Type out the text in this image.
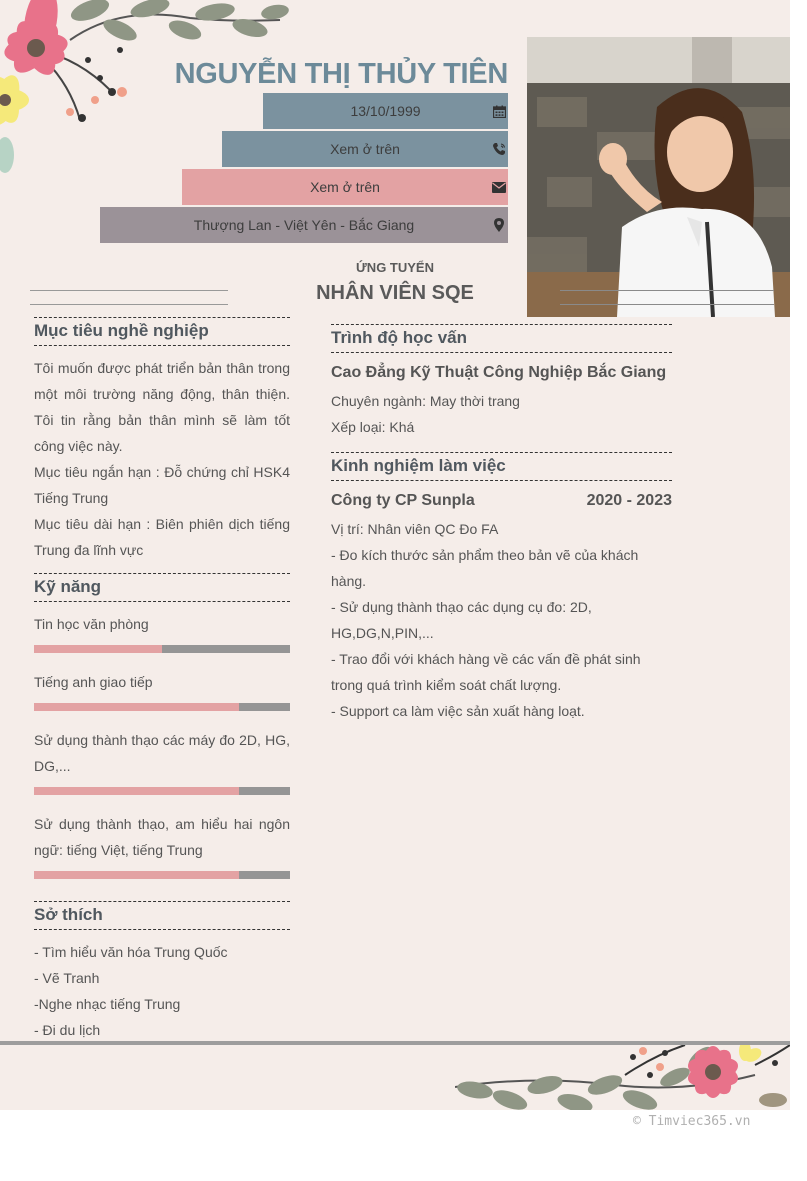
NGUYỄN THỊ THỦY TIÊN
13/10/1999
Xem ở trên
Xem ở trên
Thượng Lan - Việt Yên - Bắc Giang
ỨNG TUYỂN
NHÂN VIÊN SQE
Mục tiêu nghề nghiệp

Tôi muốn được phát triển bản thân trong một môi trường năng động, thân thiện. Tôi tin rằng bản thân mình sẽ làm tốt công việc này.

Mục tiêu ngắn hạn : Đỗ chứng chỉ HSK4 Tiếng Trung

Mục tiêu dài hạn : Biên phiên dịch tiếng Trung đa lĩnh vực

Kỹ năng

Tin học văn phòng

Tiếng anh giao tiếp

Sử dụng thành thạo các máy đo 2D, HG, DG,...

Sử dụng thành thạo, am hiểu hai ngôn ngữ: tiếng Việt, tiếng Trung

Sở thích

- Tìm hiểu văn hóa Trung Quốc

- Vẽ Tranh

-Nghe nhạc tiếng Trung

- Đi du lịch

Trình độ học vấn

Cao Đẳng Kỹ Thuật Công Nghiệp Bắc Giang

Chuyên ngành: May thời trang

Xếp loại: Khá

Kinh nghiệm làm việc
Công ty CP Sunpla	2020 - 2023

Vị trí: Nhân viên QC Đo FA

- Đo kích thước sản phẩm theo bản vẽ của khách hàng.

- Sử dụng thành thạo các dụng cụ đo: 2D, HG,DG,N,PIN,...

- Trao đổi với khách hàng về các vấn đề phát sinh trong quá trình kiểm soát chất lượng.

- Support ca làm việc sản xuất hàng loạt.

© Timviec365.vn
